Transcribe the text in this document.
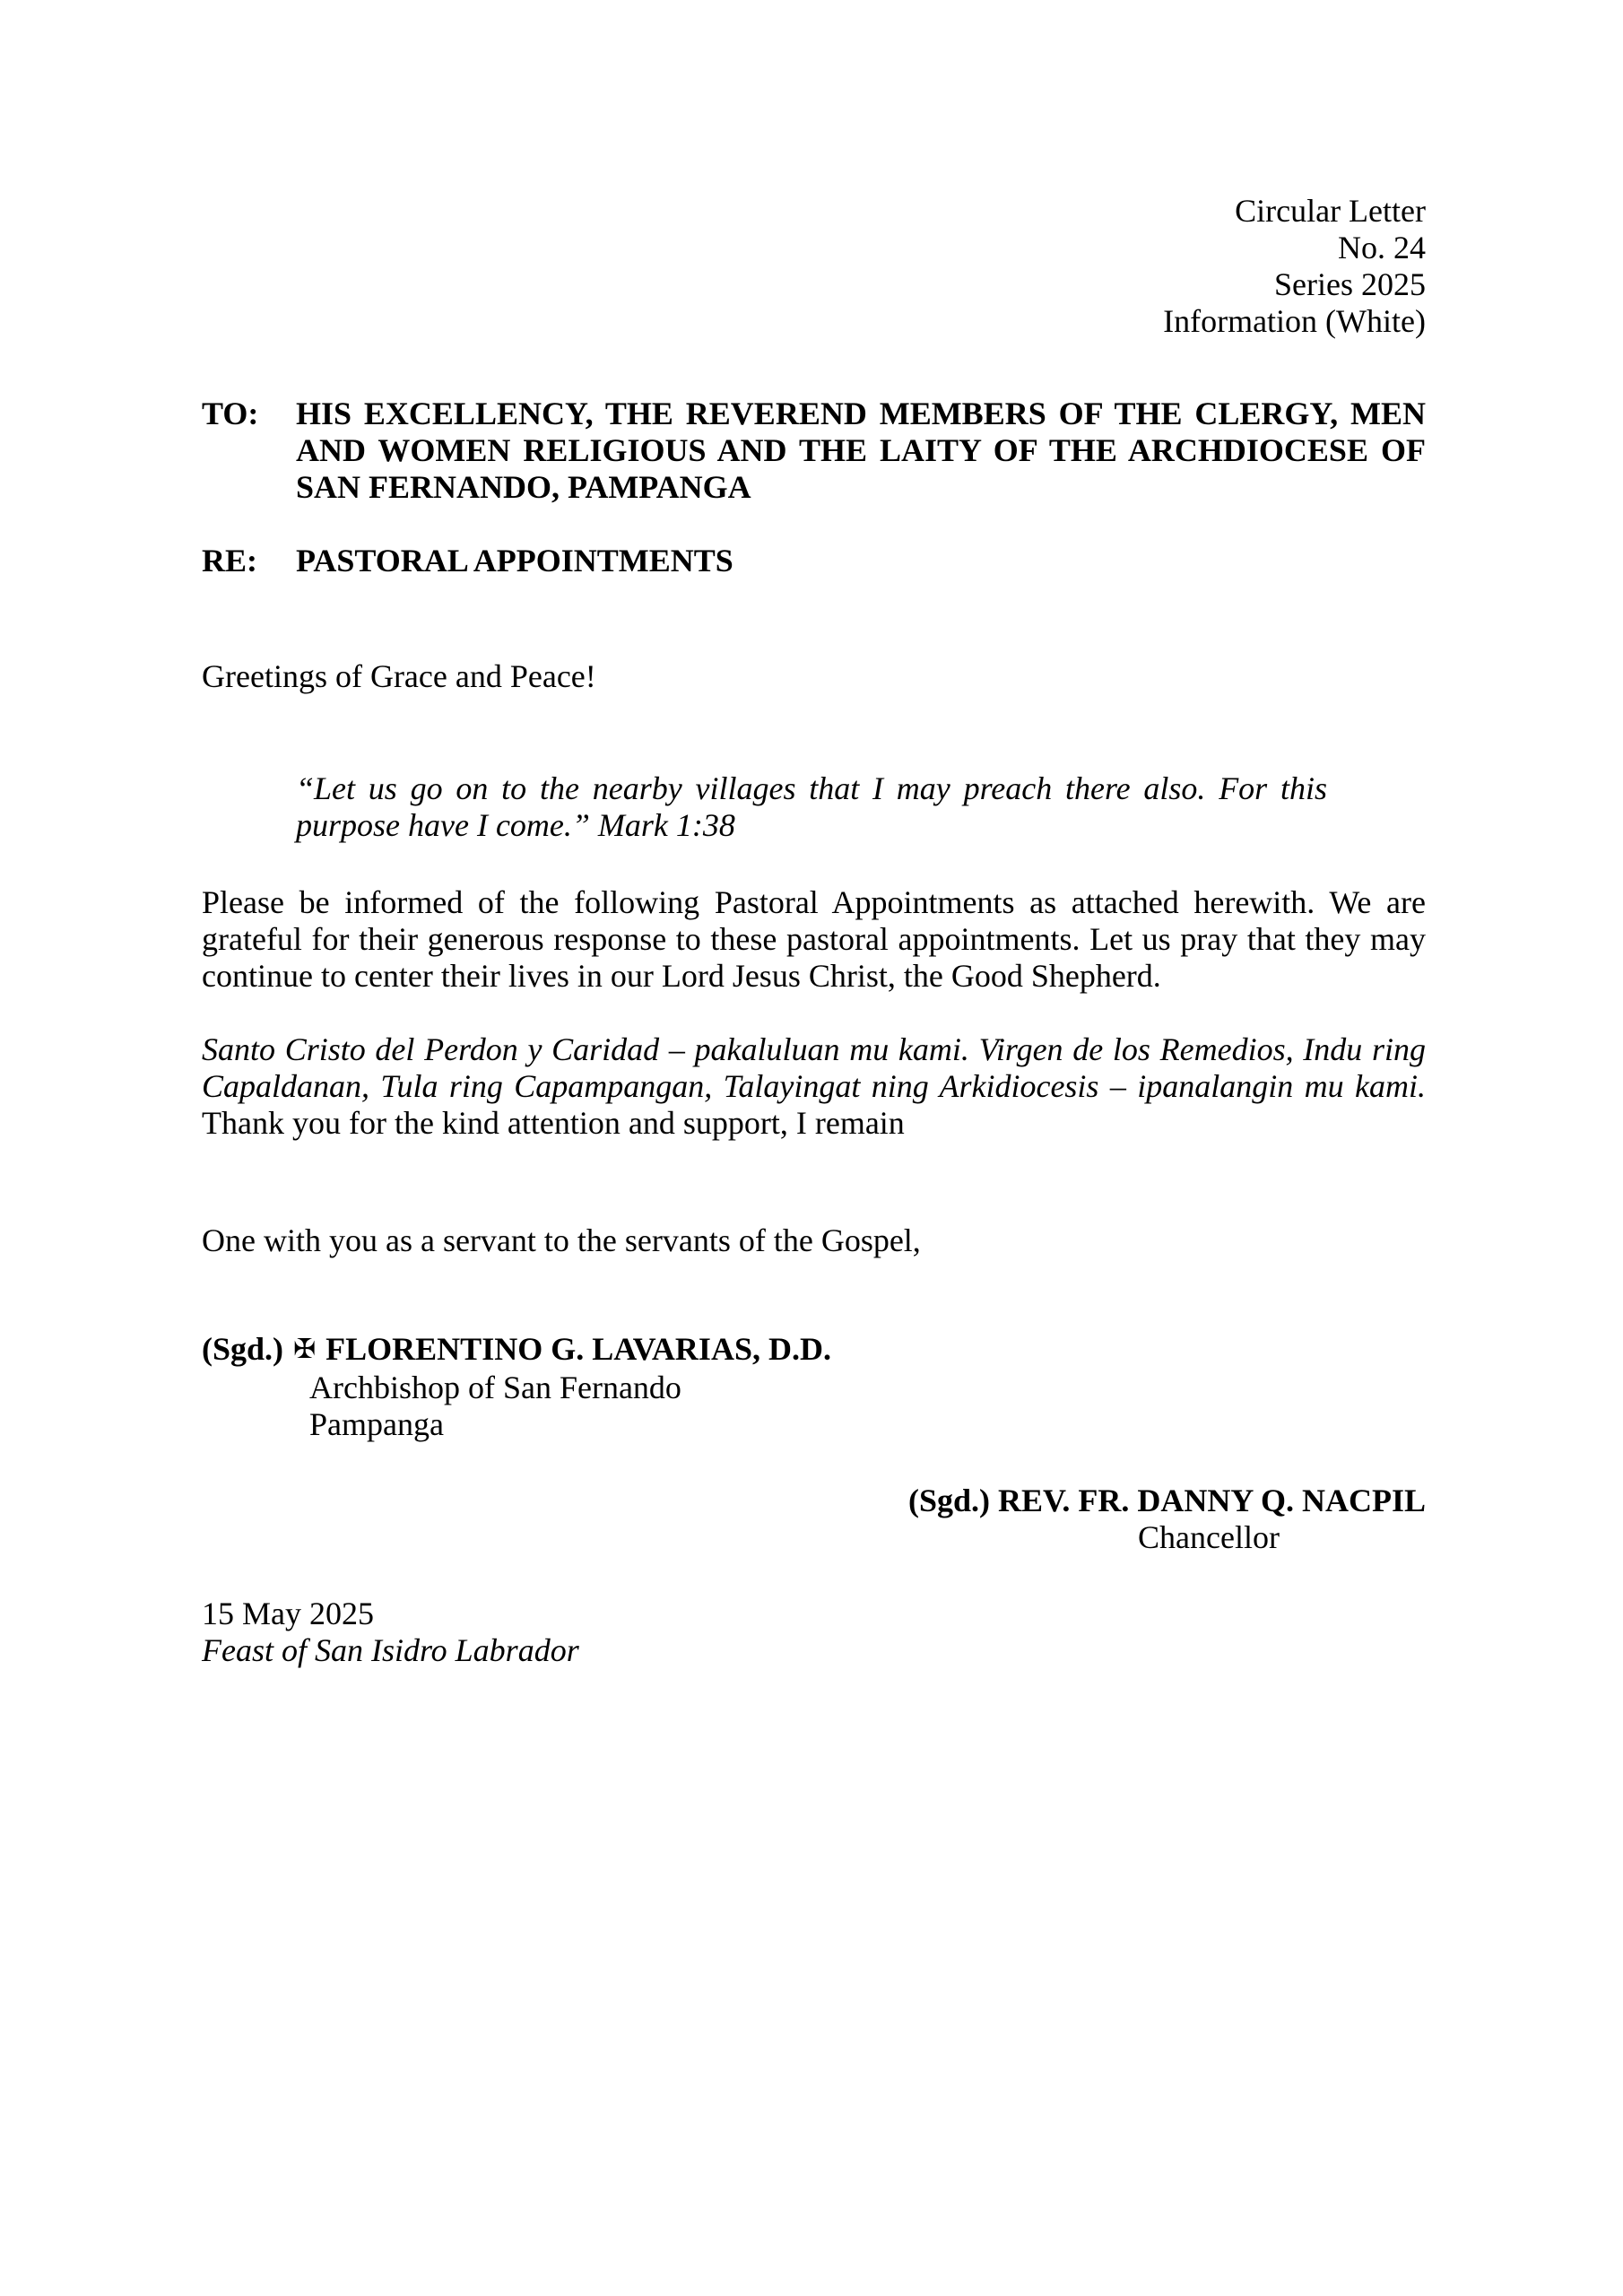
Circular Letter
No. 24
Series 2025
Information (White)
TO:	HIS EXCELLENCY, THE REVEREND MEMBERS OF THE CLERGY, MEN AND WOMEN RELIGIOUS AND THE LAITY OF THE ARCHDIOCESE OF SAN FERNANDO, PAMPANGA
RE:	PASTORAL APPOINTMENTS
Greetings of Grace and Peace!
“Let us go on to the nearby villages that I may preach there also. For this purpose have I come.” Mark 1:38
Please be informed of the following Pastoral Appointments as attached herewith. We are grateful for their generous response to these pastoral appointments. Let us pray that they may continue to center their lives in our Lord Jesus Christ, the Good Shepherd.
Santo Cristo del Perdon y Caridad – pakaluluan mu kami. Virgen de los Remedios, Indu ring Capaldanan, Tula ring Capampangan, Talayingat ning Arkidiocesis – ipanalangin mu kami. Thank you for the kind attention and support, I remain
One with you as a servant to the servants of the Gospel,
(Sgd.) ✠ FLORENTINO G. LAVARIAS, D.D.
Archbishop of San Fernando
Pampanga
(Sgd.) REV. FR. DANNY Q. NACPIL
Chancellor
15 May 2025
Feast of San Isidro Labrador
